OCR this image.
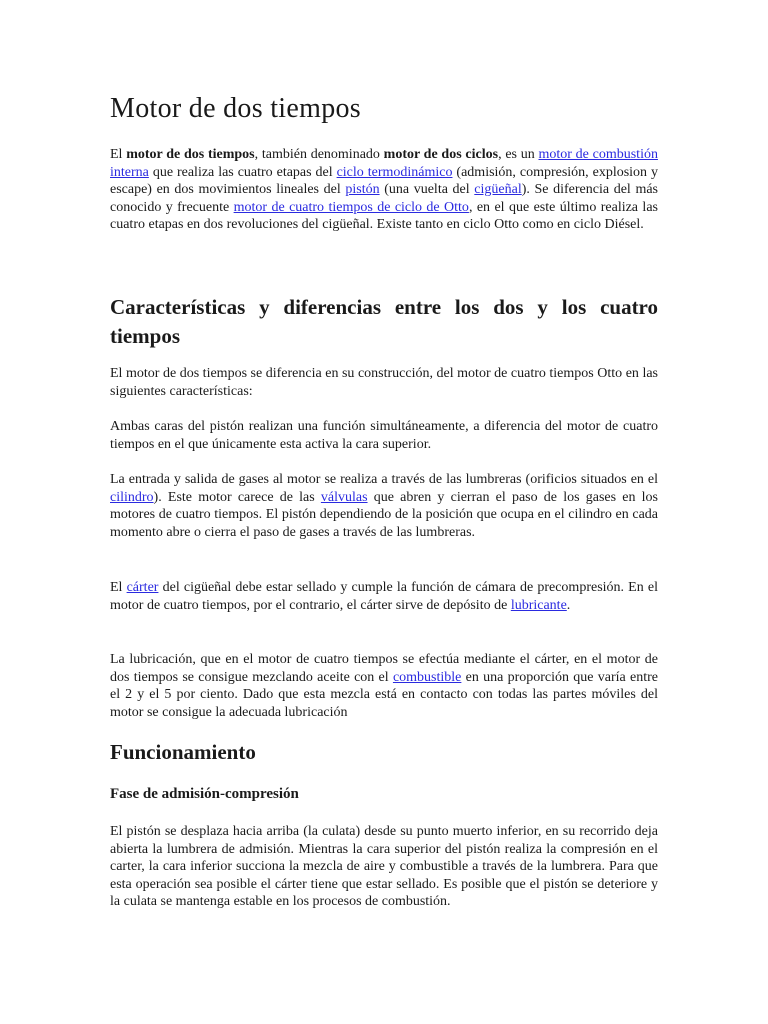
Motor de dos tiempos

El motor de dos tiempos, también denominado motor de dos ciclos, es un motor de combustión interna que realiza las cuatro etapas del ciclo termodinámico (admisión, compresión, explosion y escape) en dos movimientos lineales del pistón (una vuelta del cigüeñal). Se diferencia del más conocido y frecuente motor de cuatro tiempos de ciclo de Otto, en el que este último realiza las cuatro etapas en dos revoluciones del cigüeñal. Existe tanto en ciclo Otto como en ciclo Diésel.

Características y diferencias entre los dos y los cuatro tiempos

El motor de dos tiempos se diferencia en su construcción, del motor de cuatro tiempos Otto en las siguientes características:

Ambas caras del pistón realizan una función simultáneamente, a diferencia del motor de cuatro tiempos en el que únicamente esta activa la cara superior.

La entrada y salida de gases al motor se realiza a través de las lumbreras (orificios situados en el cilindro). Este motor carece de las válvulas que abren y cierran el paso de los gases en los motores de cuatro tiempos. El pistón dependiendo de la posición que ocupa en el cilindro en cada momento abre o cierra el paso de gases a través de las lumbreras.

El cárter del cigüeñal debe estar sellado y cumple la función de cámara de precompresión. En el motor de cuatro tiempos, por el contrario, el cárter sirve de depósito de lubricante.

La lubricación, que en el motor de cuatro tiempos se efectúa mediante el cárter, en el motor de dos tiempos se consigue mezclando aceite con el combustible en una proporción que varía entre el 2 y el 5 por ciento. Dado que esta mezcla está en contacto con todas las partes móviles del motor se consigue la adecuada lubricación

Funcionamiento
Fase de admisión-compresión

El pistón se desplaza hacia arriba (la culata) desde su punto muerto inferior, en su recorrido deja abierta la lumbrera de admisión. Mientras la cara superior del pistón realiza la compresión en el carter, la cara inferior succiona la mezcla de aire y combustible a través de la lumbrera. Para que esta operación sea posible el cárter tiene que estar sellado. Es posible que el pistón se deteriore y la culata se mantenga estable en los procesos de combustión.
